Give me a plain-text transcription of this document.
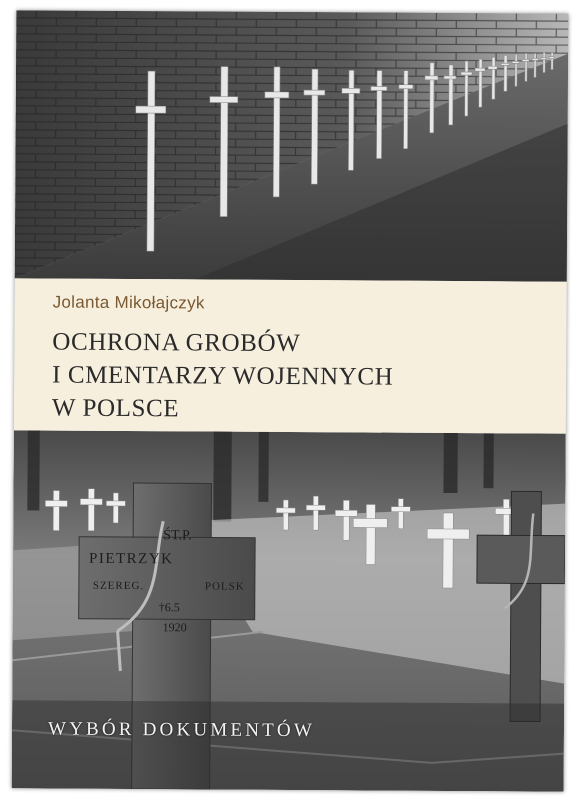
Jolanta Mikołajczyk
OCHRONA GROBÓW
I CMENTARZY WOJENNYCH
W POLSCE
ŚT.P.
PIETRZYK
SZEREG.	POLSK
†6.5
1920
WYBÓR DOKUMENTÓW
